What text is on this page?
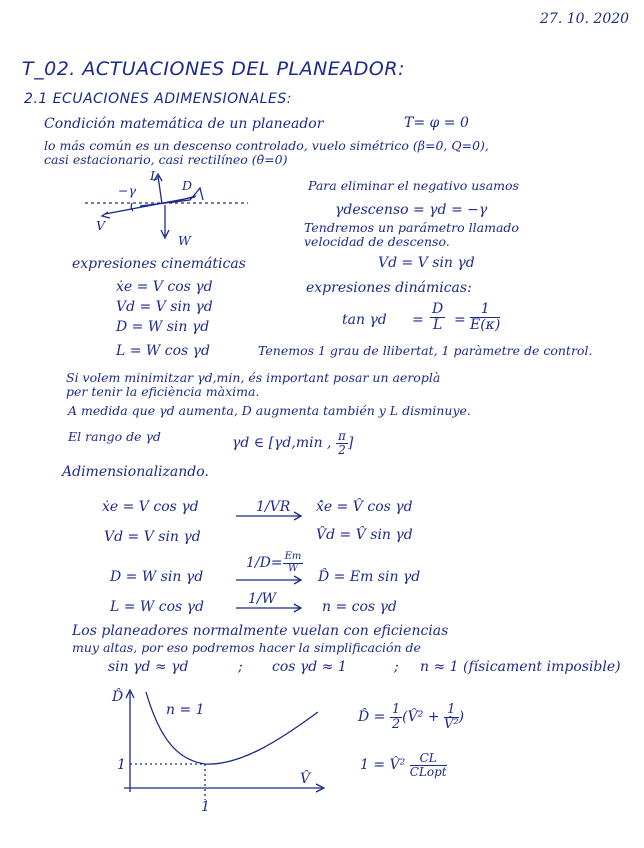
27. 10. 2020
T_02. ACTUACIONES DEL PLANEADOR:
2.1 ECUACIONES ADIMENSIONALES:
Condición matemática de un planeador	T= φ = 0
lo más común es un descenso controlado, vuelo simétrico (β=0, Q=0),
casi estacionario, casi rectilíneo (θ̇=0)
−γ
L
D
V
W
Para eliminar el negativo usamos
γdescenso = γd = −γ
Tendremos un parámetro llamado
velocidad de descenso.
Vd = V sin γd
expresiones dinámicas:
$\tan \gamma d = \frac{D}{L} = \frac{1}{E(\kappa)}$
expresiones cinemáticas
ẋe = V cos γd
Vd = V sin γd
D = W sin γd
L = W cos γd	Tenemos 1 grau de llibertat, 1 paràmetre de control.
Si volem minimitzar γd,min, és important posar un aeroplà
per tenir la eficiència màxima.
A medida que γd aumenta, D augmenta también y L disminuye.
El rango de γd	γd ∈ [γd,min , $\frac{\pi}{2}$ ]
Adimensionalizando.
ẋe = V cos γd	1/VR x̂̇e = V̂ cos γd
Vd = V sin γd	V̂d = V̂ sin γd
D = W sin γd
$1/D= \frac{Em}{W}$
D̂ = Em sin γd
L = W cos γd	1/W	n = cos γd
Los planeadores normalmente vuelan con eficiencias
muy altas, por eso podremos hacer la simplificación de
sin γd ≈ γd	; cos γd ≈ 1	; n ≈ 1 (físicament imposible)
D̂
V̂
n = 1
1
1
D̂ = $\frac{1}{2}$ (V̂² + $\frac{1}{\text{V̂²}}$ )
1 = V̂² $\frac{CL}{\text{CLopt}}$
